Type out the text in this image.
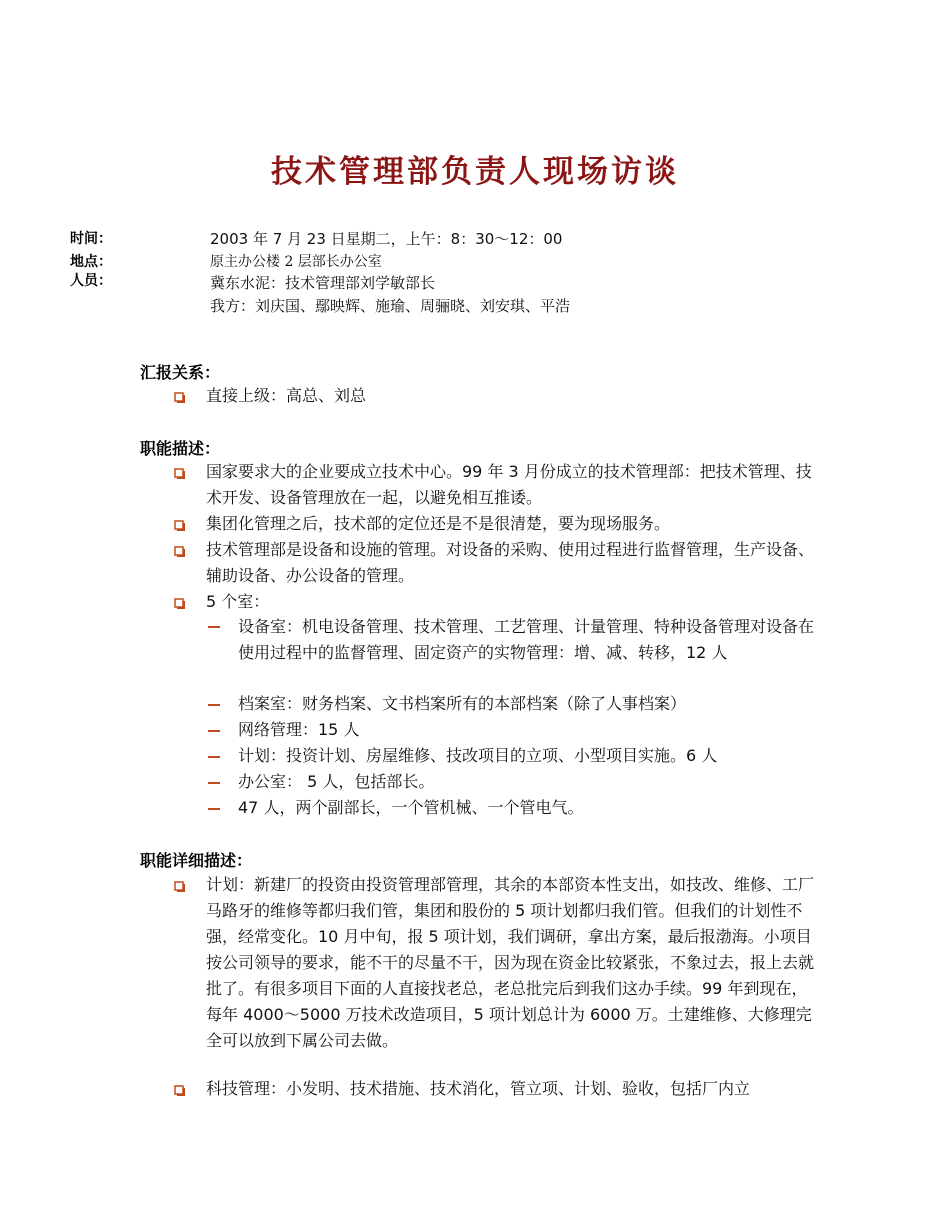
技术管理部负责人现场访谈
时间：	2003 年 7 月 23 日星期二，上午：8：30～12：00
地点：	原主办公楼 2 层部长办公室
人员：	冀东水泥：技术管理部刘学敏部长
我方：刘庆国、鄢映辉、施瑜、周骊晓、刘安琪、平浩
汇报关系：
直接上级：高总、刘总
职能描述：
国家要求大的企业要成立技术中心。99 年 3 月份成立的技术管理部：把技术管理、技术开发、设备管理放在一起，以避免相互推诿。
集团化管理之后，技术部的定位还是不是很清楚，要为现场服务。
技术管理部是设备和设施的管理。对设备的采购、使用过程进行监督管理，生产设备、辅助设备、办公设备的管理。
5 个室：
设备室：机电设备管理、技术管理、工艺管理、计量管理、特种设备管理对设备在使用过程中的监督管理、固定资产的实物管理：增、减、转移，12 人
档案室：财务档案、文书档案所有的本部档案（除了人事档案）
网络管理：15 人
计划：投资计划、房屋维修、技改项目的立项、小型项目实施。6 人
办公室： 5 人，包括部长。
47 人，两个副部长，一个管机械、一个管电气。
职能详细描述：
计划：新建厂的投资由投资管理部管理，其余的本部资本性支出，如技改、维修、工厂马路牙的维修等都归我们管，集团和股份的 5 项计划都归我们管。但我们的计划性不强，经常变化。10 月中旬，报 5 项计划，我们调研，拿出方案，最后报渤海。小项目按公司领导的要求，能不干的尽量不干，因为现在资金比较紧张，不象过去，报上去就批了。有很多项目下面的人直接找老总，老总批完后到我们这办手续。99 年到现在，每年 4000～5000 万技术改造项目，5 项计划总计为 6000 万。土建维修、大修理完全可以放到下属公司去做。
科技管理：小发明、技术措施、技术消化，管立项、计划、验收，包括厂内立
